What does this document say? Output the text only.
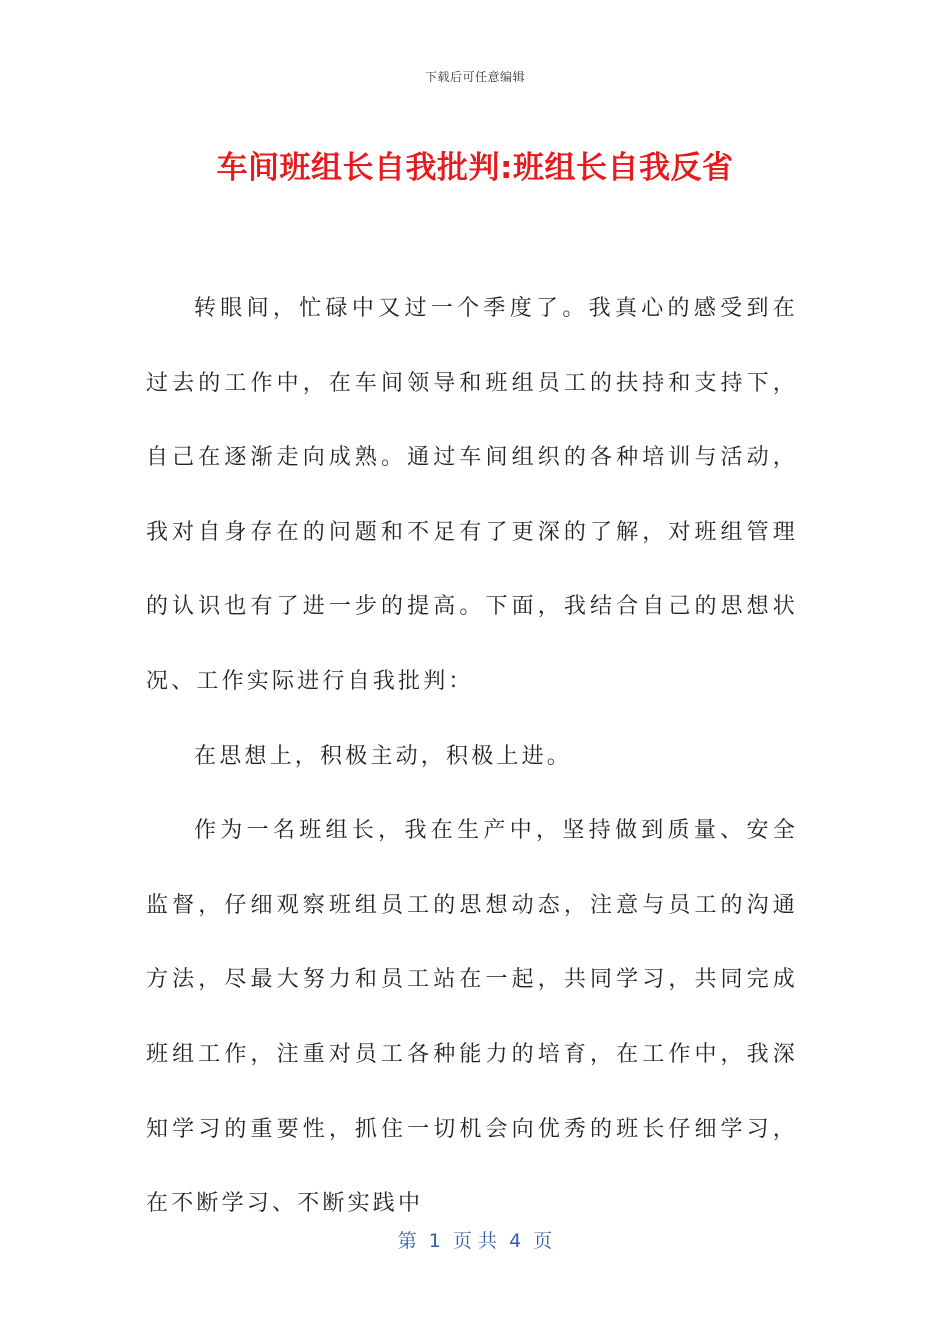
下载后可任意编辑
车间班组长自我批判:班组长自我反省

转眼间，忙碌中又过一个季度了。我真心的感受到在过去的工作中，在车间领导和班组员工的扶持和支持下，自己在逐渐走向成熟。通过车间组织的各种培训与活动，我对自身存在的问题和不足有了更深的了解，对班组管理的认识也有了进一步的提高。下面，我结合自己的思想状况、工作实际进行自我批判：

在思想上，积极主动，积极上进。

作为一名班组长，我在生产中，坚持做到质量、安全监督，仔细观察班组员工的思想动态，注意与员工的沟通方法，尽最大努力和员工站在一起，共同学习，共同完成班组工作，注重对员工各种能力的培育，在工作中，我深知学习的重要性，抓住一切机会向优秀的班长仔细学习，在不断学习、不断实践中

第  1  页 共  4  页
